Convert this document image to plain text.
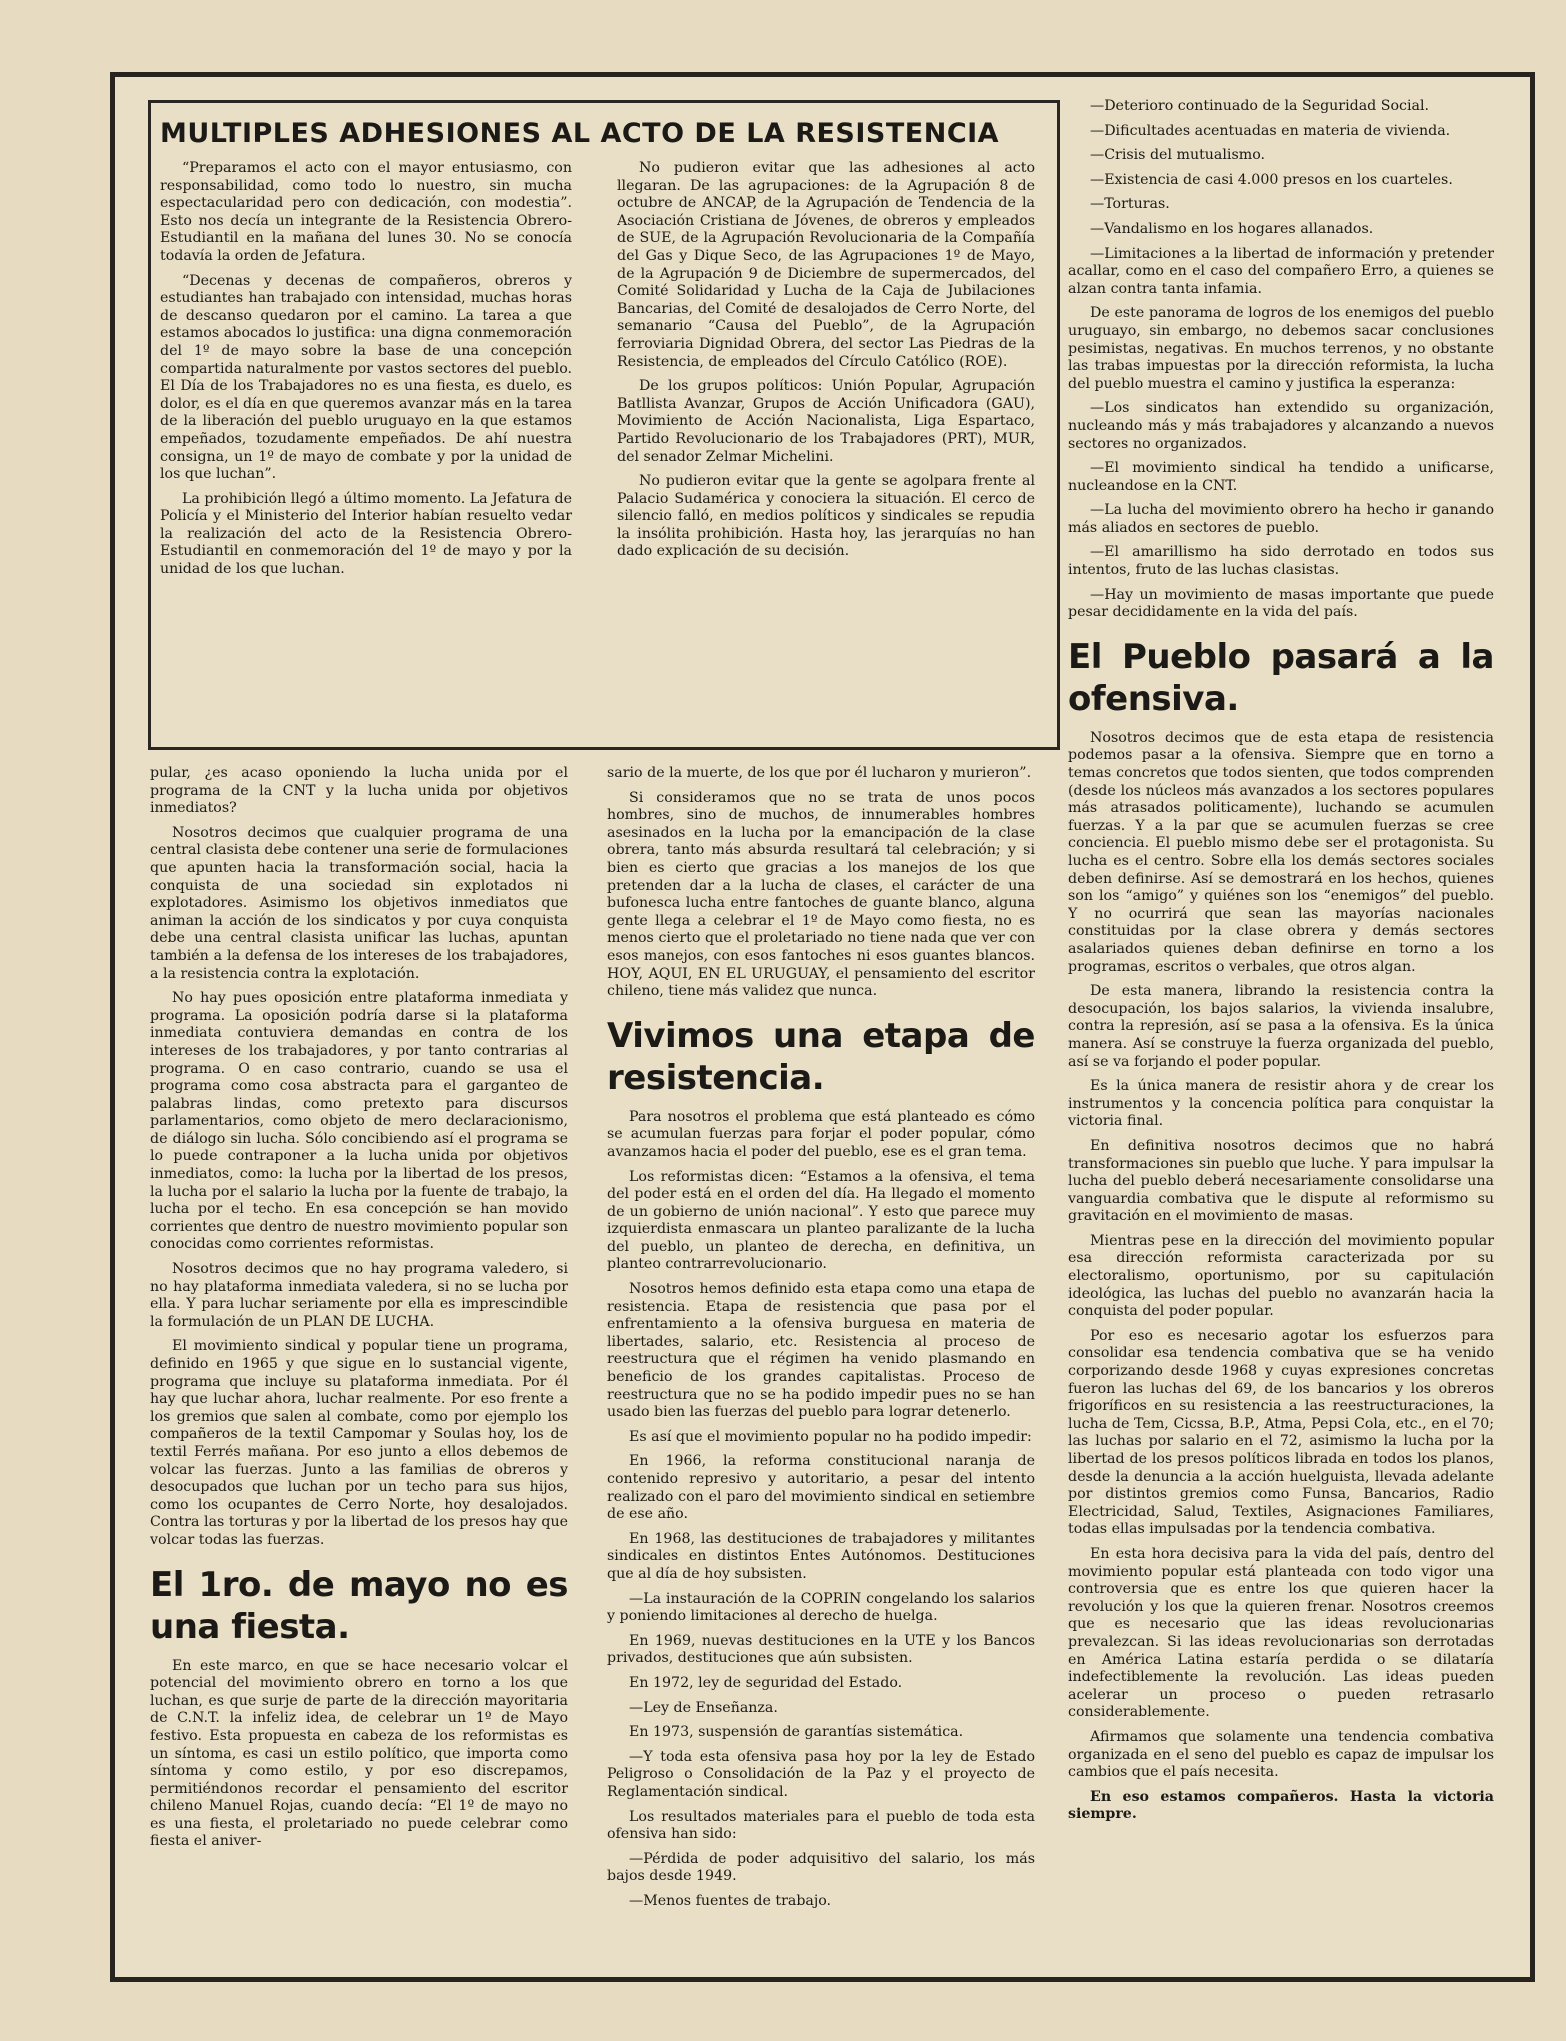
MULTIPLES ADHESIONES AL ACTO DE LA RESISTENCIA

“Preparamos el acto con el mayor entusiasmo, con responsabilidad, como todo lo nuestro, sin mucha espectacularidad pero con dedicación, con modestia”. Esto nos decía un integrante de la Resistencia Obrero-Estudiantil en la mañana del lunes 30. No se conocía todavía la orden de Jefatura.

“Decenas y decenas de compañeros, obreros y estudiantes han trabajado con intensidad, muchas horas de descanso quedaron por el camino. La tarea a que estamos abocados lo justifica: una digna conmemoración del 1º de mayo sobre la base de una concepción compartida naturalmente por vastos sectores del pueblo. El Día de los Trabajadores no es una fiesta, es duelo, es dolor, es el día en que queremos avanzar más en la tarea de la liberación del pueblo uruguayo en la que estamos empeñados, tozudamente empeñados. De ahí nuestra consigna, un 1º de mayo de combate y por la unidad de los que luchan”.

La prohibición llegó a último momento. La Jefatura de Policía y el Ministerio del Interior habían resuelto vedar la realización del acto de la Resistencia Obrero-Estudiantil en conmemoración del 1º de mayo y por la unidad de los que luchan.

No pudieron evitar que las adhesiones al acto llegaran. De las agrupaciones: de la Agrupación 8 de octubre de ANCAP, de la Agrupación de Tendencia de la Asociación Cristiana de Jóvenes, de obreros y empleados de SUE, de la Agrupación Revolucionaria de la Compañía del Gas y Dique Seco, de las Agrupaciones 1º de Mayo, de la Agrupación 9 de Diciembre de supermercados, del Comité Solidaridad y Lucha de la Caja de Jubilaciones Bancarias, del Comité de desalojados de Cerro Norte, del semanario “Causa del Pueblo”, de la Agrupación ferroviaria Dignidad Obrera, del sector Las Piedras de la Resistencia, de empleados del Círculo Católico (ROE).

De los grupos políticos: Unión Popular, Agrupación Batllista Avanzar, Grupos de Acción Unificadora (GAU), Movimiento de Acción Nacionalista, Liga Espartaco, Partido Revolucionario de los Trabajadores (PRT), MUR, del senador Zelmar Michelini.

No pudieron evitar que la gente se agolpara frente al Palacio Sudamérica y conociera la situación. El cerco de silencio falló, en medios políticos y sindicales se repudia la insólita prohibición. Hasta hoy, las jerarquías no han dado explicación de su decisión.

pular, ¿es acaso oponiendo la lucha unida por el programa de la CNT y la lucha unida por objetivos inmediatos?

Nosotros decimos que cualquier programa de una central clasista debe contener una serie de formulaciones que apunten hacia la transformación social, hacia la conquista de una sociedad sin explotados ni explotadores. Asimismo los objetivos inmediatos que animan la acción de los sindicatos y por cuya conquista debe una central clasista unificar las luchas, apuntan también a la defensa de los intereses de los trabajadores, a la resistencia contra la explotación.

No hay pues oposición entre plataforma inmediata y programa. La oposición podría darse si la plataforma inmediata contuviera demandas en contra de los intereses de los trabajadores, y por tanto contrarias al programa. O en caso contrario, cuando se usa el programa como cosa abstracta para el garganteo de palabras lindas, como pretexto para discursos parlamentarios, como objeto de mero declaracionismo, de diálogo sin lucha. Sólo concibiendo así el programa se lo puede contraponer a la lucha unida por objetivos inmediatos, como: la lucha por la libertad de los presos, la lucha por el salario la lucha por la fuente de trabajo, la lucha por el techo. En esa concepción se han movido corrientes que dentro de nuestro movimiento popular son conocidas como corrientes reformistas.

Nosotros decimos que no hay programa valedero, si no hay plataforma inmediata valedera, si no se lucha por ella. Y para luchar seriamente por ella es imprescindible la formulación de un PLAN DE LUCHA.

El movimiento sindical y popular tiene un programa, definido en 1965 y que sigue en lo sustancial vigente, programa que incluye su plataforma inmediata. Por él hay que luchar ahora, luchar realmente. Por eso frente a los gremios que salen al combate, como por ejemplo los compañeros de la textil Campomar y Soulas hoy, los de textil Ferrés mañana. Por eso junto a ellos debemos de volcar las fuerzas. Junto a las familias de obreros y desocupados que luchan por un techo para sus hijos, como los ocupantes de Cerro Norte, hoy desalojados. Contra las torturas y por la libertad de los presos hay que volcar todas las fuerzas.

El 1ro. de mayo no es una fiesta.

En este marco, en que se hace necesario volcar el potencial del movimiento obrero en torno a los que luchan, es que surje de parte de la dirección mayoritaria de C.N.T. la infeliz idea, de celebrar un 1º de Mayo festivo. Esta propuesta en cabeza de los reformistas es un síntoma, es casi un estilo político, que importa como síntoma y como estilo, y por eso discrepamos, permitiéndonos recordar el pensamiento del escritor chileno Manuel Rojas, cuando decía: “El 1º de mayo no es una fiesta, el proletariado no puede celebrar como fiesta el aniver-

sario de la muerte, de los que por él lucharon y murieron”.

Si consideramos que no se trata de unos pocos hombres, sino de muchos, de innumerables hombres asesinados en la lucha por la emancipación de la clase obrera, tanto más absurda resultará tal celebración; y si bien es cierto que gracias a los manejos de los que pretenden dar a la lucha de clases, el carácter de una bufonesca lucha entre fantoches de guante blanco, alguna gente llega a celebrar el 1º de Mayo como fiesta, no es menos cierto que el proletariado no tiene nada que ver con esos manejos, con esos fantoches ni esos guantes blancos. HOY, AQUI, EN EL URUGUAY, el pensamiento del escritor chileno, tiene más validez que nunca.

Vivimos una etapa de resistencia.

Para nosotros el problema que está planteado es cómo se acumulan fuerzas para forjar el poder popular, cómo avanzamos hacia el poder del pueblo, ese es el gran tema.

Los reformistas dicen: “Estamos a la ofensiva, el tema del poder está en el orden del día. Ha llegado el momento de un gobierno de unión nacional”. Y esto que parece muy izquierdista enmascara un planteo paralizante de la lucha del pueblo, un planteo de derecha, en definitiva, un planteo contrarrevolucionario.

Nosotros hemos definido esta etapa como una etapa de resistencia. Etapa de resistencia que pasa por el enfrentamiento a la ofensiva burguesa en materia de libertades, salario, etc. Resistencia al proceso de reestructura que el régimen ha venido plasmando en beneficio de los grandes capitalistas. Proceso de reestructura que no se ha podido impedir pues no se han usado bien las fuerzas del pueblo para lograr detenerlo.

Es así que el movimiento popular no ha podido impedir:

En 1966, la reforma constitucional naranja de contenido represivo y autoritario, a pesar del intento realizado con el paro del movimiento sindical en setiembre de ese año.

En 1968, las destituciones de trabajadores y militantes sindicales en distintos Entes Autónomos. Destituciones que al día de hoy subsisten.

—La instauración de la COPRIN congelando los salarios y poniendo limitaciones al derecho de huelga.

En 1969, nuevas destituciones en la UTE y los Bancos privados, destituciones que aún subsisten.

En 1972, ley de seguridad del Estado.

—Ley de Enseñanza.

En 1973, suspensión de garantías sistemática.

—Y toda esta ofensiva pasa hoy por la ley de Estado Peligroso o Consolidación de la Paz y el proyecto de Reglamentación sindical.

Los resultados materiales para el pueblo de toda esta ofensiva han sido:

—Pérdida de poder adquisitivo del salario, los más bajos desde 1949.

—Menos fuentes de trabajo.

—Deterioro continuado de la Seguridad Social.

—Dificultades acentuadas en materia de vivienda.

—Crisis del mutualismo.

—Existencia de casi 4.000 presos en los cuarteles.

—Torturas.

—Vandalismo en los hogares allanados.

—Limitaciones a la libertad de información y pretender acallar, como en el caso del compañero Erro, a quienes se alzan contra tanta infamia.

De este panorama de logros de los enemigos del pueblo uruguayo, sin embargo, no debemos sacar conclusiones pesimistas, negativas. En muchos terrenos, y no obstante las trabas impuestas por la dirección reformista, la lucha del pueblo muestra el camino y justifica la esperanza:

—Los sindicatos han extendido su organización, nucleando más y más trabajadores y alcanzando a nuevos sectores no organizados.

—El movimiento sindical ha tendido a unificarse, nucleandose en la CNT.

—La lucha del movimiento obrero ha hecho ir ganando más aliados en sectores de pueblo.

—El amarillismo ha sido derrotado en todos sus intentos, fruto de las luchas clasistas.

—Hay un movimiento de masas importante que puede pesar decididamente en la vida del país.

El Pueblo pasará a la ofensiva.

Nosotros decimos que de esta etapa de resistencia podemos pasar a la ofensiva. Siempre que en torno a temas concretos que todos sienten, que todos comprenden (desde los núcleos más avanzados a los sectores populares más atrasados politicamente), luchando se acumulen fuerzas. Y a la par que se acumulen fuerzas se cree conciencia. El pueblo mismo debe ser el protagonista. Su lucha es el centro. Sobre ella los demás sectores sociales deben definirse. Así se demostrará en los hechos, quienes son los “amigo” y quiénes son los “enemigos” del pueblo. Y no ocurrirá que sean las mayorías nacionales constituidas por la clase obrera y demás sectores asalariados quienes deban definirse en torno a los programas, escritos o verbales, que otros algan.

De esta manera, librando la resistencia contra la desocupación, los bajos salarios, la vivienda insalubre, contra la represión, así se pasa a la ofensiva. Es la única manera. Así se construye la fuerza organizada del pueblo, así se va forjando el poder popular.

Es la única manera de resistir ahora y de crear los instrumentos y la concencia política para conquistar la victoria final.

En definitiva nosotros decimos que no habrá transformaciones sin pueblo que luche. Y para impulsar la lucha del pueblo deberá necesariamente consolidarse una vanguardia combativa que le dispute al reformismo su gravitación en el movimiento de masas.

Mientras pese en la dirección del movimiento popular esa dirección reformista caracterizada por su electoralismo, oportunismo, por su capitulación ideológica, las luchas del pueblo no avanzarán hacia la conquista del poder popular.

Por eso es necesario agotar los esfuerzos para consolidar esa tendencia combativa que se ha venido corporizando desde 1968 y cuyas expresiones concretas fueron las luchas del 69, de los bancarios y los obreros frigoríficos en su resistencia a las reestructuraciones, la lucha de Tem, Cicssa, B.P., Atma, Pepsi Cola, etc., en el 70; las luchas por salario en el 72, asimismo la lucha por la libertad de los presos políticos librada en todos los planos, desde la denuncia a la acción huelguista, llevada adelante por distintos gremios como Funsa, Bancarios, Radio Electricidad, Salud, Textiles, Asignaciones Familiares, todas ellas impulsadas por la tendencia combativa.

En esta hora decisiva para la vida del país, dentro del movimiento popular está planteada con todo vigor una controversia que es entre los que quieren hacer la revolución y los que la quieren frenar. Nosotros creemos que es necesario que las ideas revolucionarias prevalezcan. Si las ideas revolucionarias son derrotadas en América Latina estaría perdida o se dilataría indefectiblemente la revolución. Las ideas pueden acelerar un proceso o pueden retrasarlo considerablemente.

Afirmamos que solamente una tendencia combativa organizada en el seno del pueblo es capaz de impulsar los cambios que el país necesita.

En eso estamos compañeros. Hasta la victoria siempre.
